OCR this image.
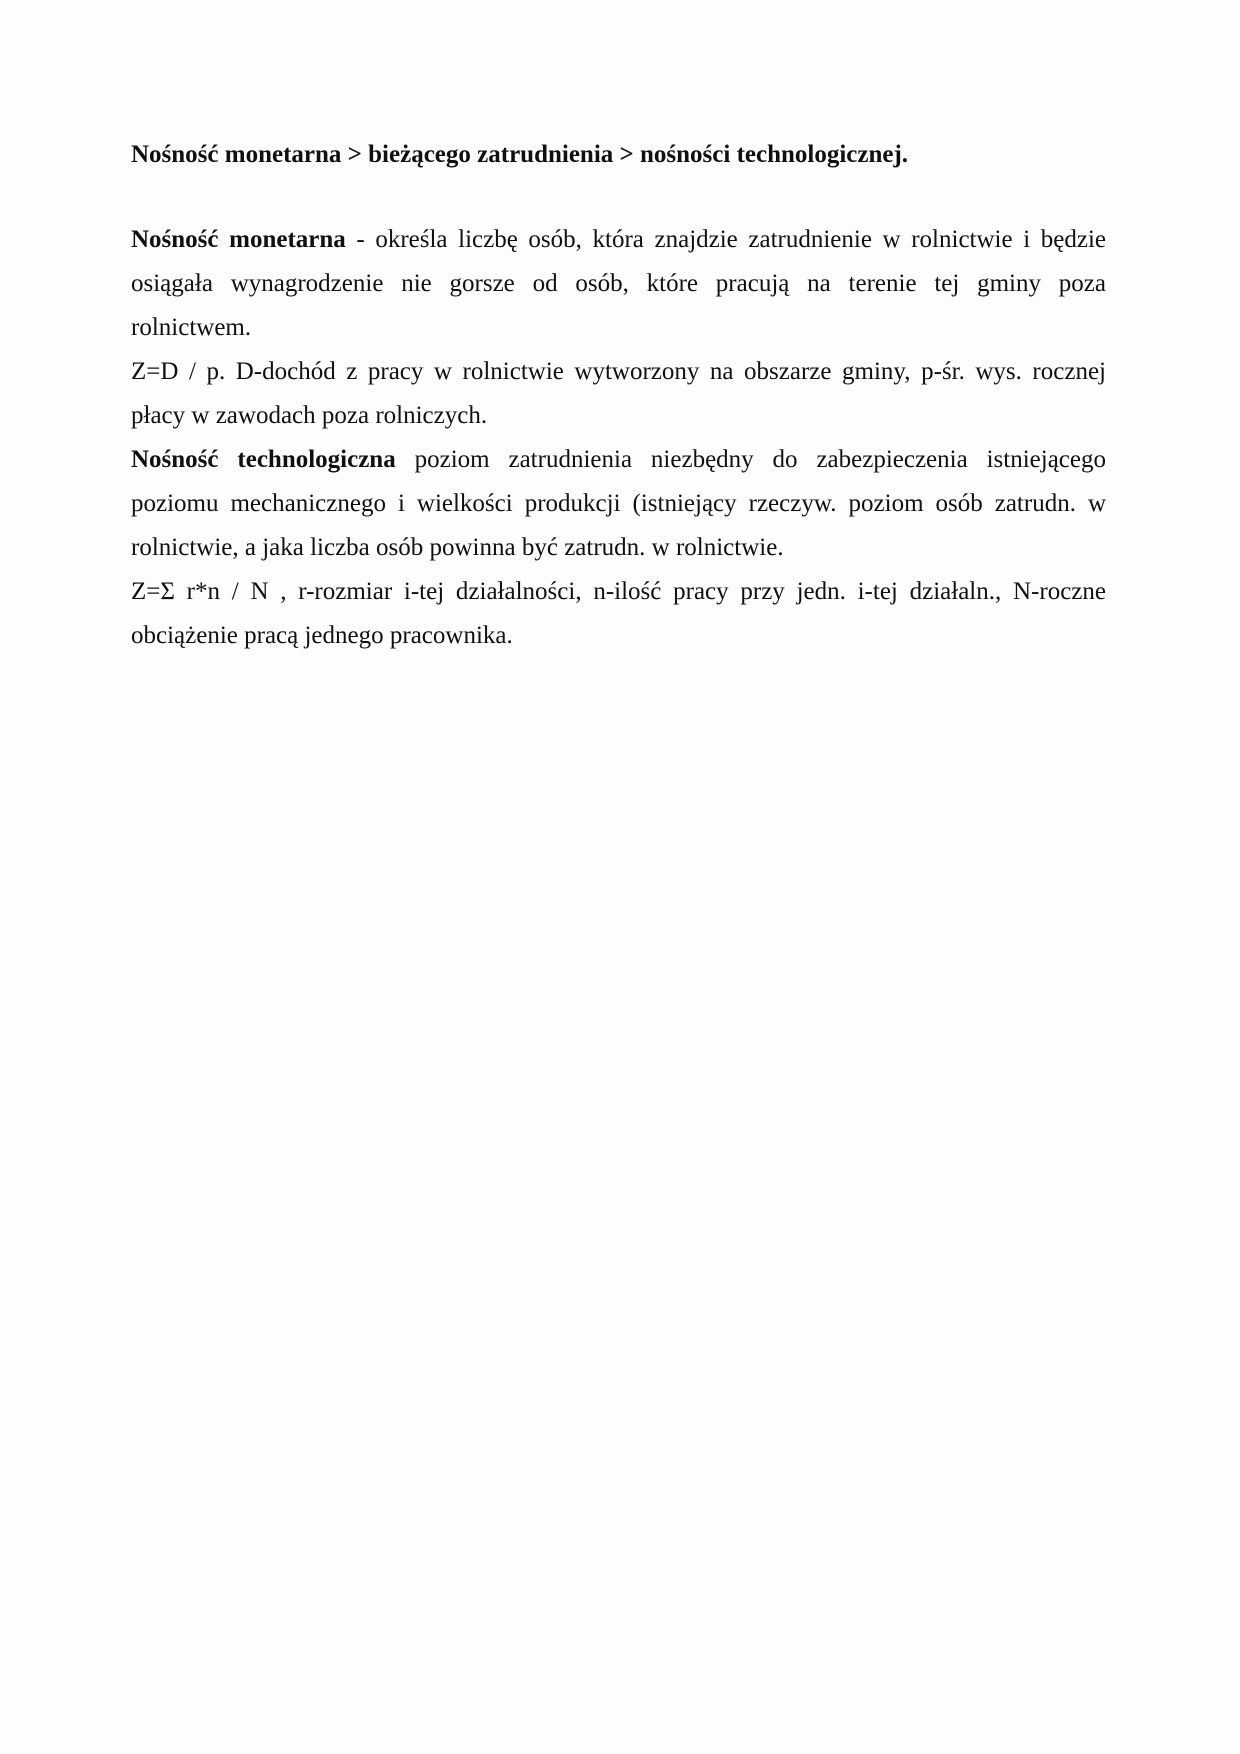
Nośność monetarna > bieżącego zatrudnienia > nośności technologicznej.
Nośność monetarna - określa liczbę osób, która znajdzie zatrudnienie w rolnictwie i będzie
osiągała wynagrodzenie nie gorsze od osób, które pracują na terenie tej gminy poza
rolnictwem.
Z=D / p. D-dochód z pracy w rolnictwie wytworzony na obszarze gminy, p-śr. wys. rocznej
płacy w zawodach poza rolniczych.
Nośność technologiczna poziom zatrudnienia niezbędny do zabezpieczenia istniejącego
poziomu mechanicznego i wielkości produkcji (istniejący rzeczyw. poziom osób zatrudn. w
rolnictwie, a jaka liczba osób powinna być zatrudn. w rolnictwie.
Z=Σ r*n / N , r-rozmiar i-tej działalności, n-ilość pracy przy jedn. i-tej działaln., N-roczne
obciążenie pracą jednego pracownika.
